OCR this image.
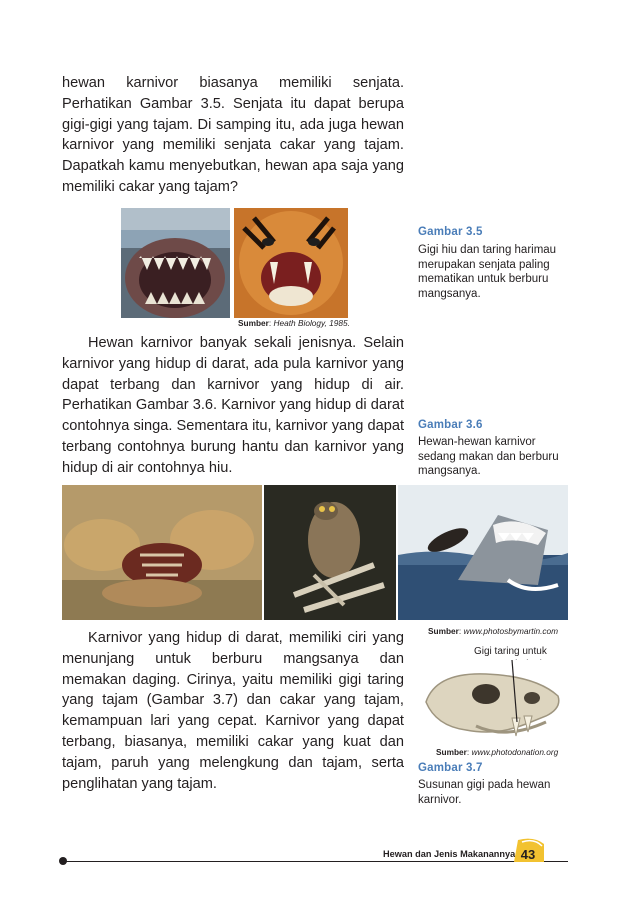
hewan karnivor biasanya memiliki senjata. Perhatikan Gambar 3.5. Senjata itu dapat berupa gigi-gigi yang tajam. Di samping itu, ada juga hewan karnivor yang memiliki senjata cakar yang tajam. Dapatkah kamu menyebutkan, hewan apa saja yang memiliki cakar yang tajam?

Sumber: Heath Biology, 1985.
Gambar 3.5
Gigi hiu dan taring harimau merupakan senjata paling mematikan untuk berburu mangsanya.

Hewan karnivor banyak sekali jenisnya. Selain karnivor yang hidup di darat, ada pula karnivor yang dapat terbang dan karnivor yang hidup di air. Perhatikan Gambar 3.6. Karnivor yang hidup di darat contohnya singa. Sementara itu, karnivor yang dapat terbang contohnya burung hantu dan karnivor yang hidup di air contohnya hiu.

Gambar 3.6
Hewan-hewan karnivor sedang makan dan berburu mangsanya.
Sumber: www.photosbymartin.com

Karnivor yang hidup di darat, memiliki ciri yang menunjang untuk berburu mangsanya dan memakan daging. Cirinya, yaitu memiliki gigi taring yang tajam (Gambar 3.7) dan cakar yang tajam, kemampuan lari yang cepat. Karnivor yang dapat terbang, biasanya, memiliki cakar yang kuat dan tajam, paruh yang melengkung dan tajam, serta penglihatan yang tajam.

Gigi taring untuk
Sumber: www.photodonation.org
Gambar 3.7
Susunan gigi pada hewan karnivor.
Hewan dan Jenis Makanannya 43
